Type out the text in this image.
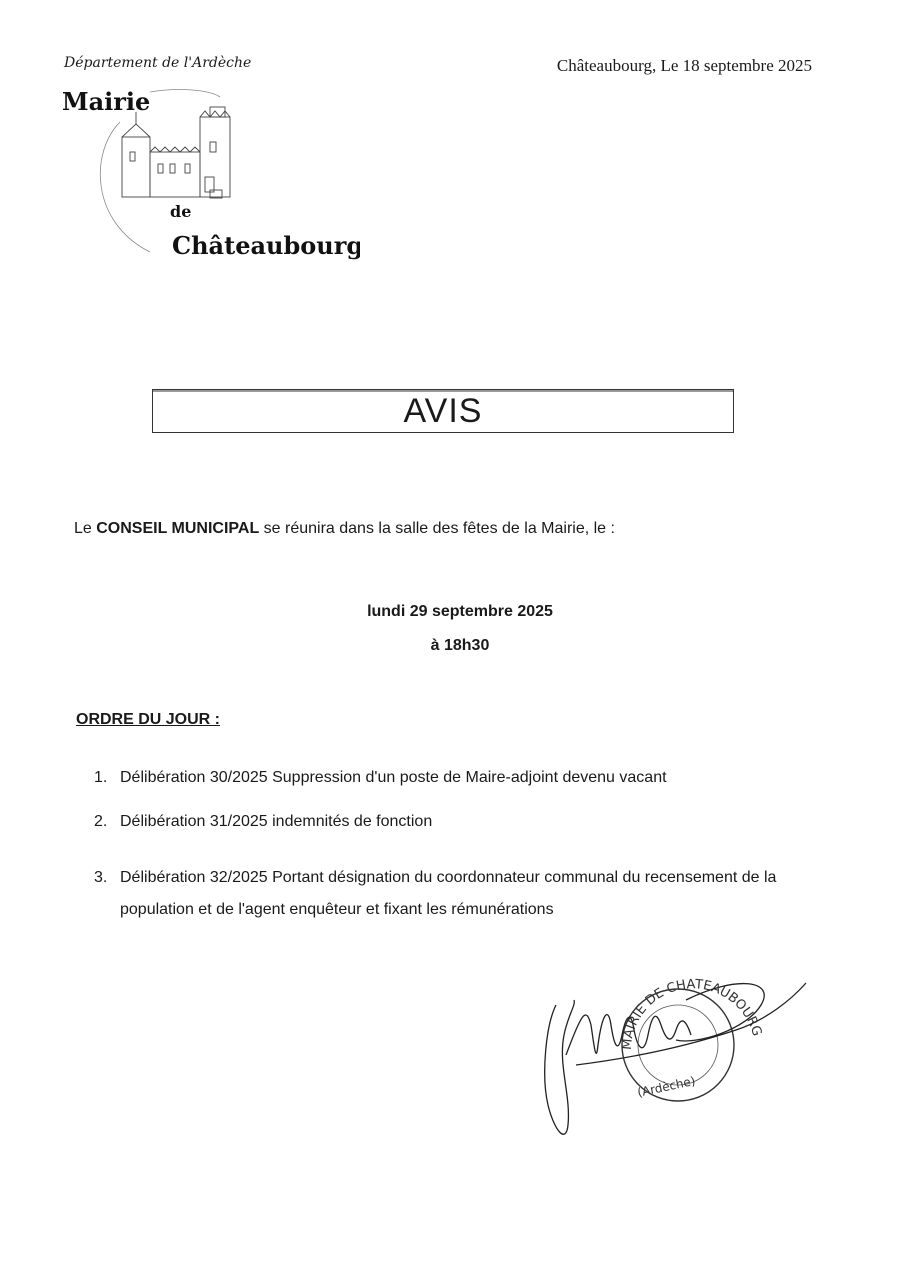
Département de l'Ardèche	Châteaubourg, Le 18 septembre 2025
Mairie
de
Châteaubourg
AVIS
Le CONSEIL MUNICIPAL se réunira dans la salle des fêtes de la Mairie, le :
lundi 29 septembre 2025
à 18h30
ORDRE DU JOUR :
1. Délibération 30/2025 Suppression d'un poste de Maire-adjoint devenu vacant
2. Délibération 31/2025 indemnités de fonction
3. Délibération 32/2025 Portant désignation du coordonnateur communal du recensement de la population et de l'agent enquêteur et fixant les rémunérations
MAIRIE DE CHATEAUBOURG
(Ardèche)
